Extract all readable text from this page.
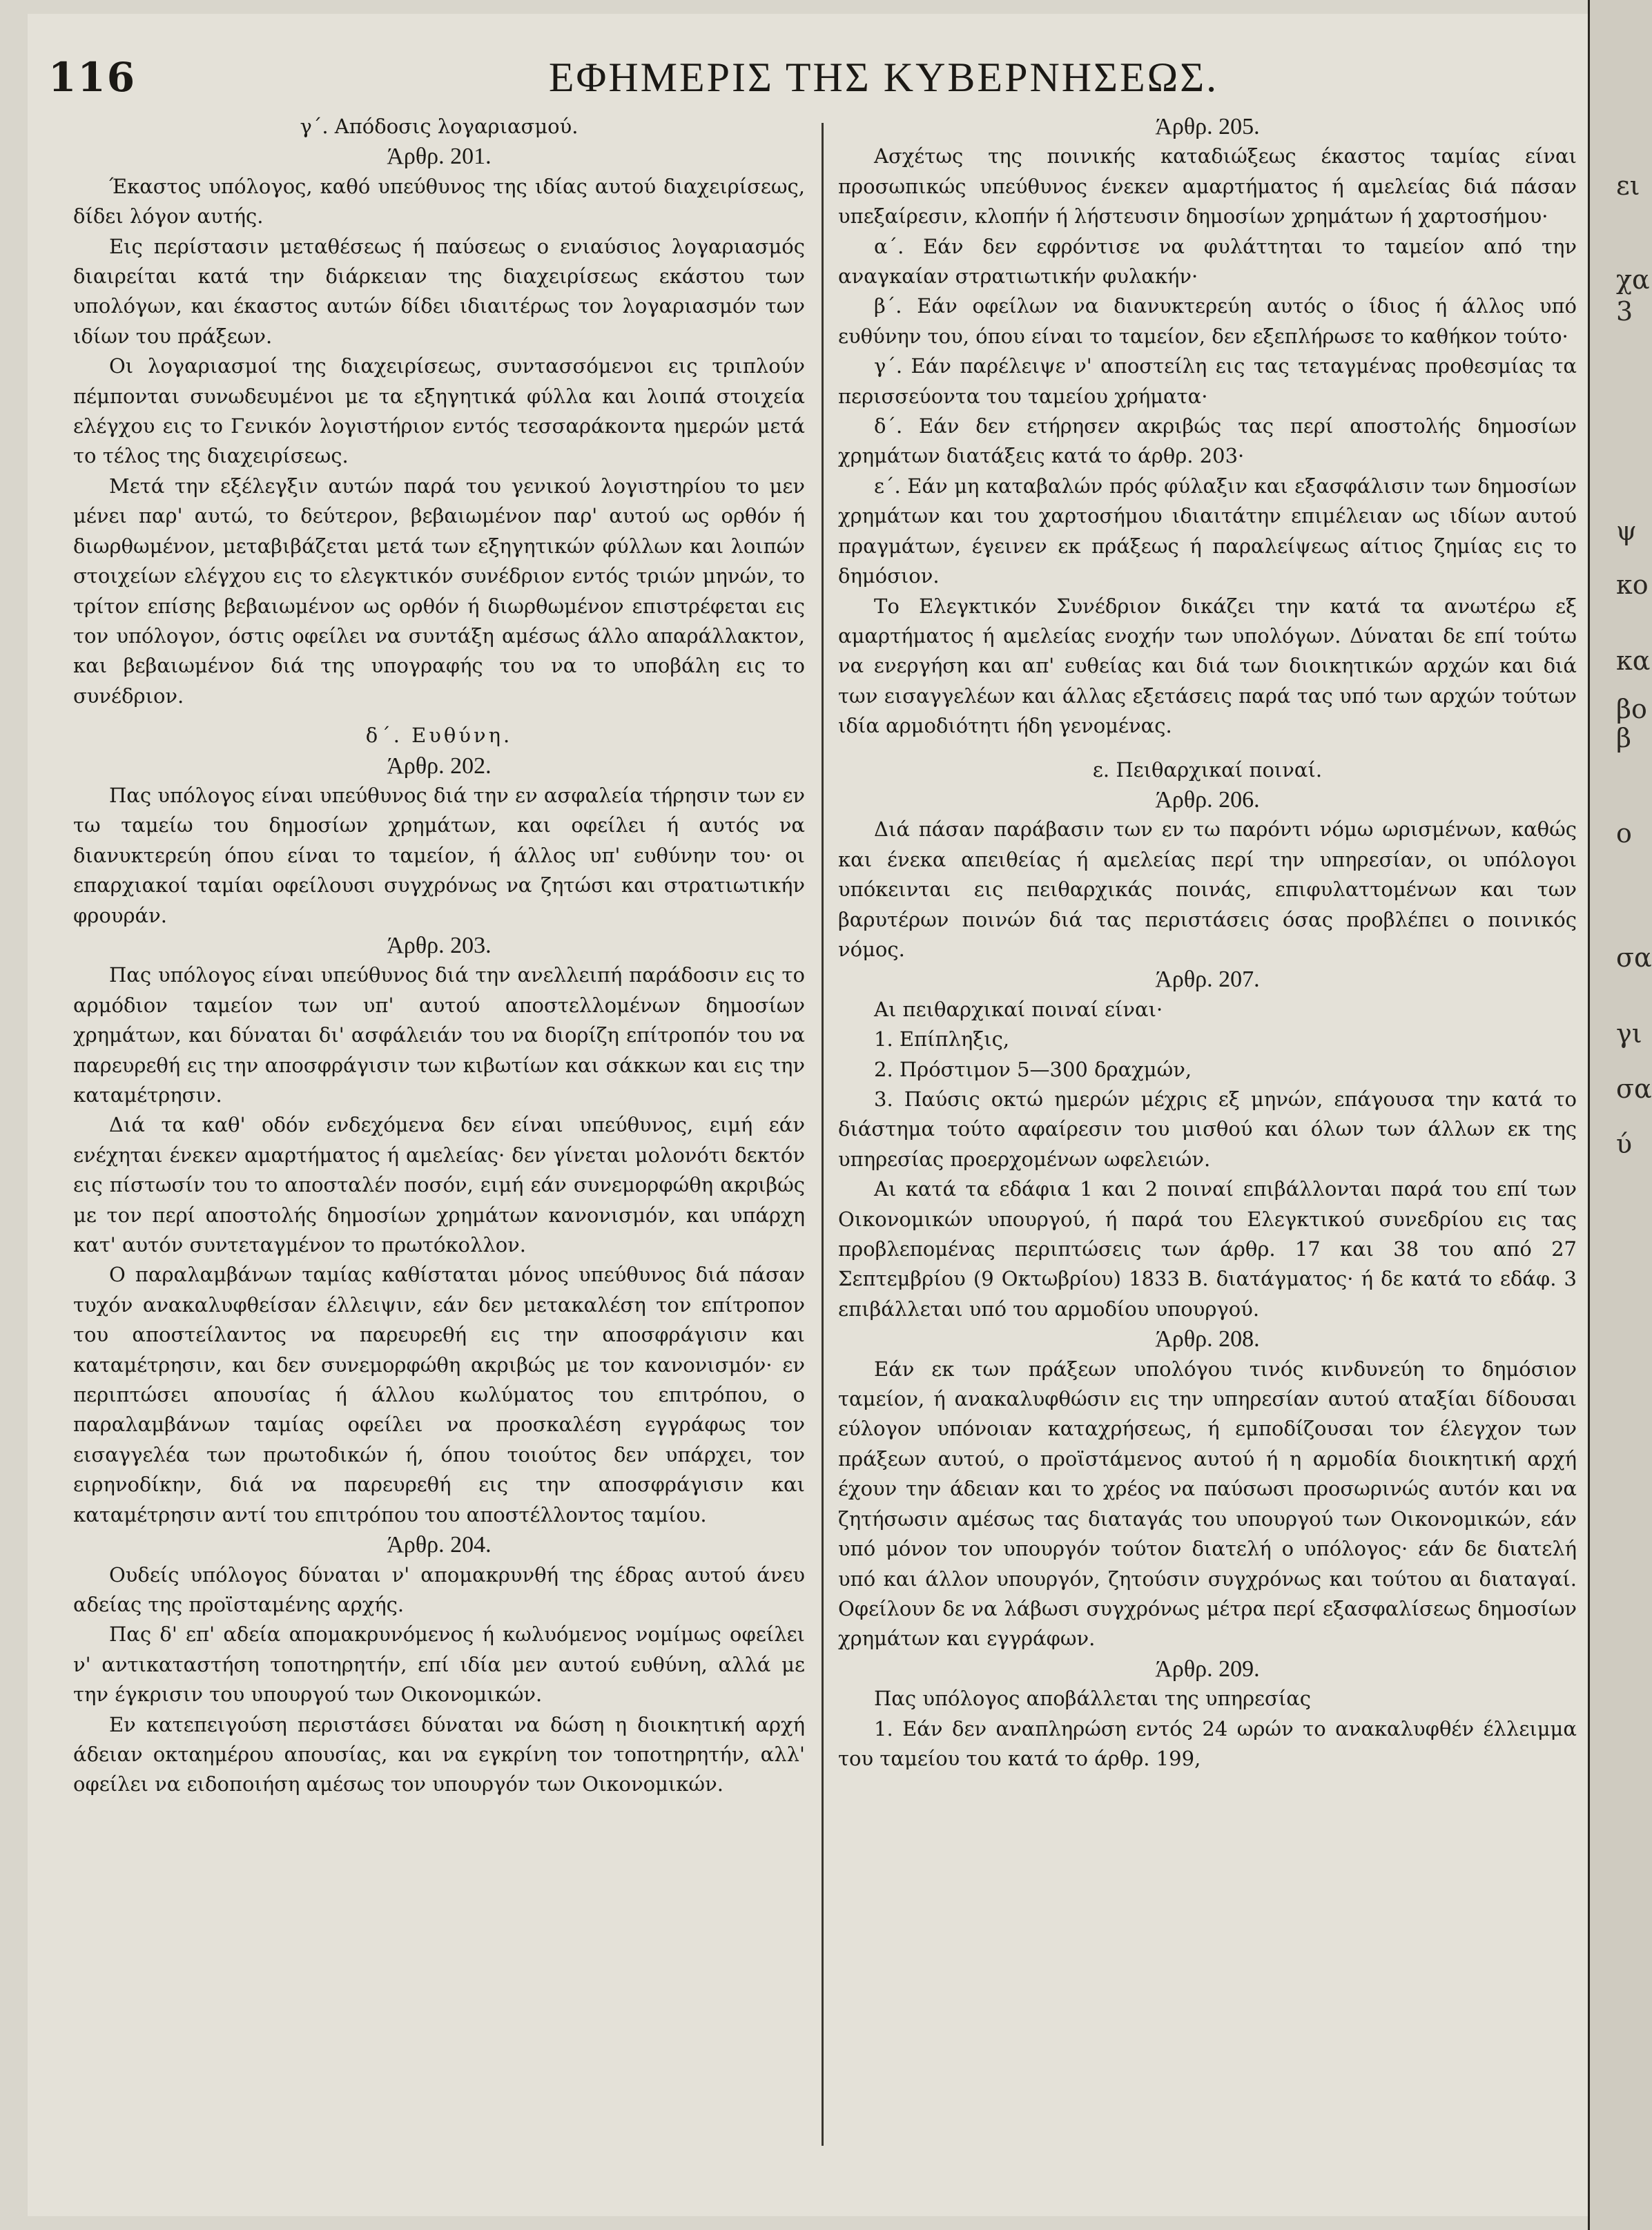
ει
χα
3
ψ
κο
κα
βο
β
ο
σα
γι
σα
ύ
116	ΕΦΗΜΕΡΙΣ ΤΗΣ ΚΥΒΕΡΝΗΣΕΩΣ.

γ΄. Απόδοσις λογαριασμού.

Άρθρ. 201.

Έκαστος υπόλογος, καθό υπεύθυνος της ιδίας αυτού διαχειρίσεως, δίδει λόγον αυτής.

Εις περίστασιν μεταθέσεως ή παύσεως ο ενιαύσιος λογαριασμός διαιρείται κατά την διάρκειαν της διαχειρίσεως εκάστου των υπολόγων, και έκαστος αυτών δίδει ιδιαιτέρως τον λογαριασμόν των ιδίων του πράξεων.

Οι λογαριασμοί της διαχειρίσεως, συντασσόμενοι εις τριπλούν πέμπονται συνωδευμένοι με τα εξηγητικά φύλλα και λοιπά στοιχεία ελέγχου εις το Γενικόν λογιστήριον εντός τεσσαράκοντα ημερών μετά το τέλος της διαχειρίσεως.

Μετά την εξέλεγξιν αυτών παρά του γενικού λογιστηρίου το μεν μένει παρ' αυτώ, το δεύτερον, βεβαιωμένον παρ' αυτού ως ορθόν ή διωρθωμένον, μεταβιβάζεται μετά των εξηγητικών φύλλων και λοιπών στοιχείων ελέγχου εις το ελεγκτικόν συνέδριον εντός τριών μηνών, το τρίτον επίσης βεβαιωμένον ως ορθόν ή διωρθωμένον επιστρέφεται εις τον υπόλογον, όστις οφείλει να συντάξη αμέσως άλλο απαράλλακτον, και βεβαιωμένον διά της υπογραφής του να το υποβάλη εις το συνέδριον.

δ΄. Ευθύνη.

Άρθρ. 202.

Πας υπόλογος είναι υπεύθυνος διά την εν ασφαλεία τήρησιν των εν τω ταμείω του δημοσίων χρημάτων, και οφείλει ή αυτός να διανυκτερεύη όπου είναι το ταμείον, ή άλλος υπ' ευθύνην του· οι επαρχιακοί ταμίαι οφείλουσι συγχρόνως να ζητώσι και στρατιωτικήν φρουράν.

Άρθρ. 203.

Πας υπόλογος είναι υπεύθυνος διά την ανελλειπή παράδοσιν εις το αρμόδιον ταμείον των υπ' αυτού αποστελλομένων δημοσίων χρημάτων, και δύναται δι' ασφάλειάν του να διορίζη επίτροπόν του να παρευρεθή εις την αποσφράγισιν των κιβωτίων και σάκκων και εις την καταμέτρησιν.

Διά τα καθ' οδόν ενδεχόμενα δεν είναι υπεύθυνος, ειμή εάν ενέχηται ένεκεν αμαρτήματος ή αμελείας· δεν γίνεται μολονότι δεκτόν εις πίστωσίν του το αποσταλέν ποσόν, ειμή εάν συνεμορφώθη ακριβώς με τον περί αποστολής δημοσίων χρημάτων κανονισμόν, και υπάρχη κατ' αυτόν συντεταγμένον το πρωτόκολλον.

Ο παραλαμβάνων ταμίας καθίσταται μόνος υπεύθυνος διά πάσαν τυχόν ανακαλυφθείσαν έλλειψιν, εάν δεν μετακαλέση τον επίτροπον του αποστείλαντος να παρευρεθή εις την αποσφράγισιν και καταμέτρησιν, και δεν συνεμορφώθη ακριβώς με τον κανονισμόν· εν περιπτώσει απουσίας ή άλλου κωλύματος του επιτρόπου, ο παραλαμβάνων ταμίας οφείλει να προσκαλέση εγγράφως τον εισαγγελέα των πρωτοδικών ή, όπου τοιούτος δεν υπάρχει, τον ειρηνοδίκην, διά να παρευρεθή εις την αποσφράγισιν και καταμέτρησιν αντί του επιτρόπου του αποστέλλοντος ταμίου.

Άρθρ. 204.

Ουδείς υπόλογος δύναται ν' απομακρυνθή της έδρας αυτού άνευ αδείας της προϊσταμένης αρχής.

Πας δ' επ' αδεία απομακρυνόμενος ή κωλυόμενος νομίμως οφείλει ν' αντικαταστήση τοποτηρητήν, επί ιδία μεν αυτού ευθύνη, αλλά με την έγκρισιν του υπουργού των Οικονομικών.

Εν κατεπειγούση περιστάσει δύναται να δώση η διοικητική αρχή άδειαν οκταημέρου απουσίας, και να εγκρίνη τον τοποτηρητήν, αλλ' οφείλει να ειδοποιήση αμέσως τον υπουργόν των Οικονομικών.

Άρθρ. 205.

Ασχέτως της ποινικής καταδιώξεως έκαστος ταμίας είναι προσωπικώς υπεύθυνος ένεκεν αμαρτήματος ή αμελείας διά πάσαν υπεξαίρεσιν, κλοπήν ή λήστευσιν δημοσίων χρημάτων ή χαρτοσήμου·

α΄. Εάν δεν εφρόντισε να φυλάττηται το ταμείον από την αναγκαίαν στρατιωτικήν φυλακήν·

β΄. Εάν οφείλων να διανυκτερεύη αυτός ο ίδιος ή άλλος υπό ευθύνην του, όπου είναι το ταμείον, δεν εξεπλήρωσε το καθήκον τούτο·

γ΄. Εάν παρέλειψε ν' αποστείλη εις τας τεταγμένας προθεσμίας τα περισσεύοντα του ταμείου χρήματα·

δ΄. Εάν δεν ετήρησεν ακριβώς τας περί αποστολής δημοσίων χρημάτων διατάξεις κατά το άρθρ. 203·

ε΄. Εάν μη καταβαλών πρός φύλαξιν και εξασφάλισιν των δημοσίων χρημάτων και του χαρτοσήμου ιδιαιτάτην επιμέλειαν ως ιδίων αυτού πραγμάτων, έγεινεν εκ πράξεως ή παραλείψεως αίτιος ζημίας εις το δημόσιον.

Το Ελεγκτικόν Συνέδριον δικάζει την κατά τα ανωτέρω εξ αμαρτήματος ή αμελείας ενοχήν των υπολόγων. Δύναται δε επί τούτω να ενεργήση και απ' ευθείας και διά των διοικητικών αρχών και διά των εισαγγελέων και άλλας εξετάσεις παρά τας υπό των αρχών τούτων ιδία αρμοδιότητι ήδη γενομένας.

ε. Πειθαρχικαί ποιναί.

Άρθρ. 206.

Διά πάσαν παράβασιν των εν τω παρόντι νόμω ωρισμένων, καθώς και ένεκα απειθείας ή αμελείας περί την υπηρεσίαν, οι υπόλογοι υπόκεινται εις πειθαρχικάς ποινάς, επιφυλαττομένων και των βαρυτέρων ποινών διά τας περιστάσεις όσας προβλέπει ο ποινικός νόμος.

Άρθρ. 207.

Αι πειθαρχικαί ποιναί είναι·

1. Επίπληξις,

2. Πρόστιμον 5—300 δραχμών,

3. Παύσις οκτώ ημερών μέχρις εξ μηνών, επάγουσα την κατά το διάστημα τούτο αφαίρεσιν του μισθού και όλων των άλλων εκ της υπηρεσίας προερχομένων ωφελειών.

Αι κατά τα εδάφια 1 και 2 ποιναί επιβάλλονται παρά του επί των Οικονομικών υπουργού, ή παρά του Ελεγκτικού συνεδρίου εις τας προβλεπομένας περιπτώσεις των άρθρ. 17 και 38 του από 27 Σεπτεμβρίου (9 Οκτωβρίου) 1833 Β. διατάγματος· ή δε κατά το εδάφ. 3 επιβάλλεται υπό του αρμοδίου υπουργού.

Άρθρ. 208.

Εάν εκ των πράξεων υπολόγου τινός κινδυνεύη το δημόσιον ταμείον, ή ανακαλυφθώσιν εις την υπηρεσίαν αυτού αταξίαι δίδουσαι εύλογον υπόνοιαν καταχρήσεως, ή εμποδίζουσαι τον έλεγχον των πράξεων αυτού, ο προϊστάμενος αυτού ή η αρμοδία διοικητική αρχή έχουν την άδειαν και το χρέος να παύσωσι προσωρινώς αυτόν και να ζητήσωσιν αμέσως τας διαταγάς του υπουργού των Οικονομικών, εάν υπό μόνον τον υπουργόν τούτον διατελή ο υπόλογος· εάν δε διατελή υπό και άλλον υπουργόν, ζητούσιν συγχρόνως και τούτου αι διαταγαί. Οφείλουν δε να λάβωσι συγχρόνως μέτρα περί εξασφαλίσεως δημοσίων χρημάτων και εγγράφων.

Άρθρ. 209.

Πας υπόλογος αποβάλλεται της υπηρεσίας

1. Εάν δεν αναπληρώση εντός 24 ωρών το ανακαλυφθέν έλλειμμα του ταμείου του κατά το άρθρ. 199,
